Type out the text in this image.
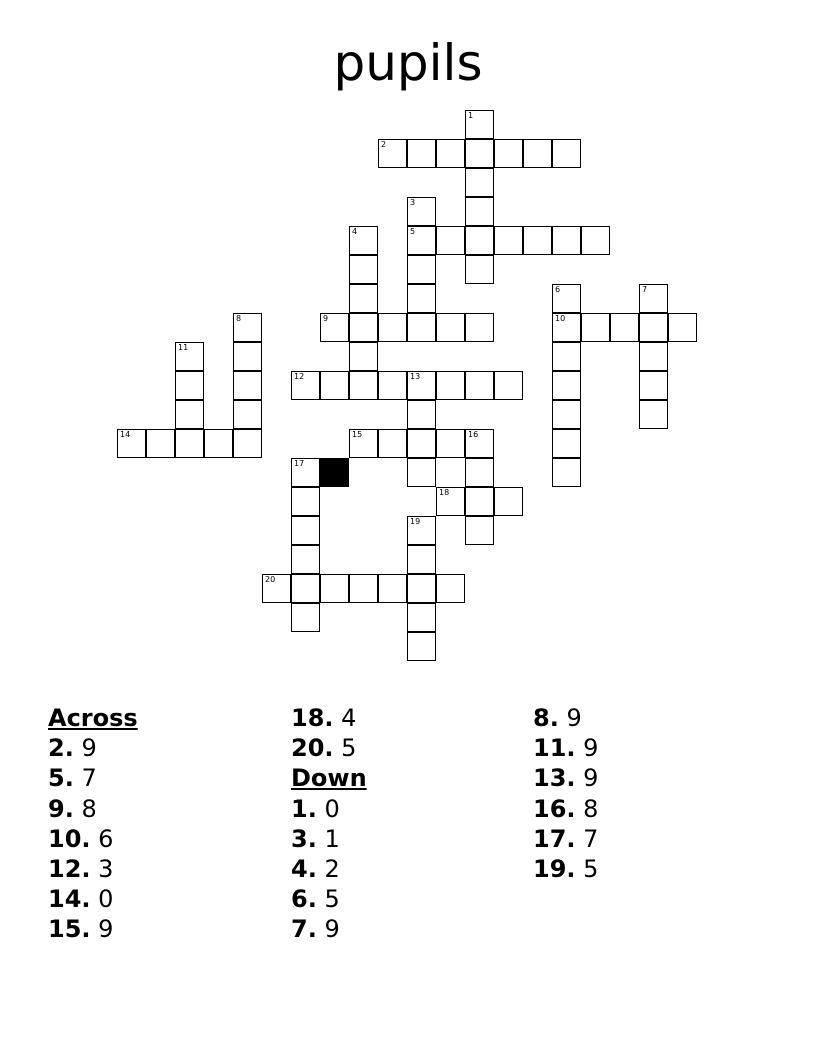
pupils
1
2
3
5
4
6
10
7
8	9
11
12	13
14	15	16
17
18
19
20
Across
2. 9
5. 7
9. 8
10. 6
12. 3
14. 0
15. 9
18. 4
20. 5
Down
1. 0
3. 1
4. 2
6. 5
7. 9
8. 9
11. 9
13. 9
16. 8
17. 7
19. 5
